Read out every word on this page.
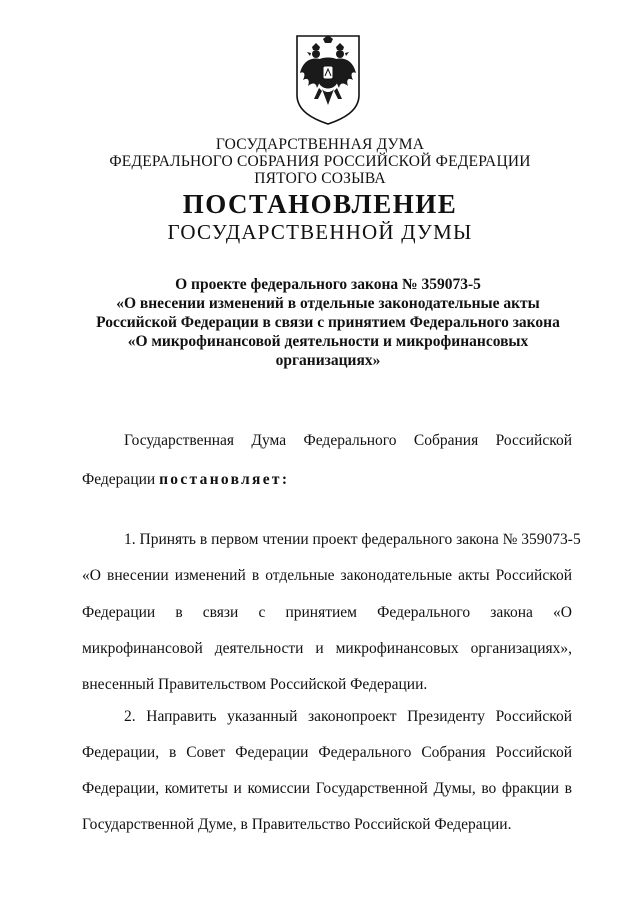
ГОСУДАРСТВЕННАЯ ДУМА
ФЕДЕРАЛЬНОГО СОБРАНИЯ РОССИЙСКОЙ ФЕДЕРАЦИИ
ПЯТОГО СОЗЫВА
ПОСТАНОВЛЕНИЕ
ГОСУДАРСТВЕННОЙ ДУМЫ
О проекте федерального закона № 359073-5
«О внесении изменений в отдельные законодательные акты
Российской Федерации в связи с принятием Федерального закона
«О микрофинансовой деятельности и микрофинансовых
организациях»
Государственная Дума Федерального Собрания Российской
Федерации постановляет:
1. Принять в первом чтении проект федерального закона № 359073-5
«О внесении изменений в отдельные законодательные акты Российской
Федерации в связи с принятием Федерального закона «О
микрофинансовой деятельности и микрофинансовых организациях»,
внесенный Правительством Российской Федерации.
2. Направить указанный законопроект Президенту Российской
Федерации, в Совет Федерации Федерального Собрания Российской
Федерации, комитеты и комиссии Государственной Думы, во фракции в
Государственной Думе, в Правительство Российской Федерации.
